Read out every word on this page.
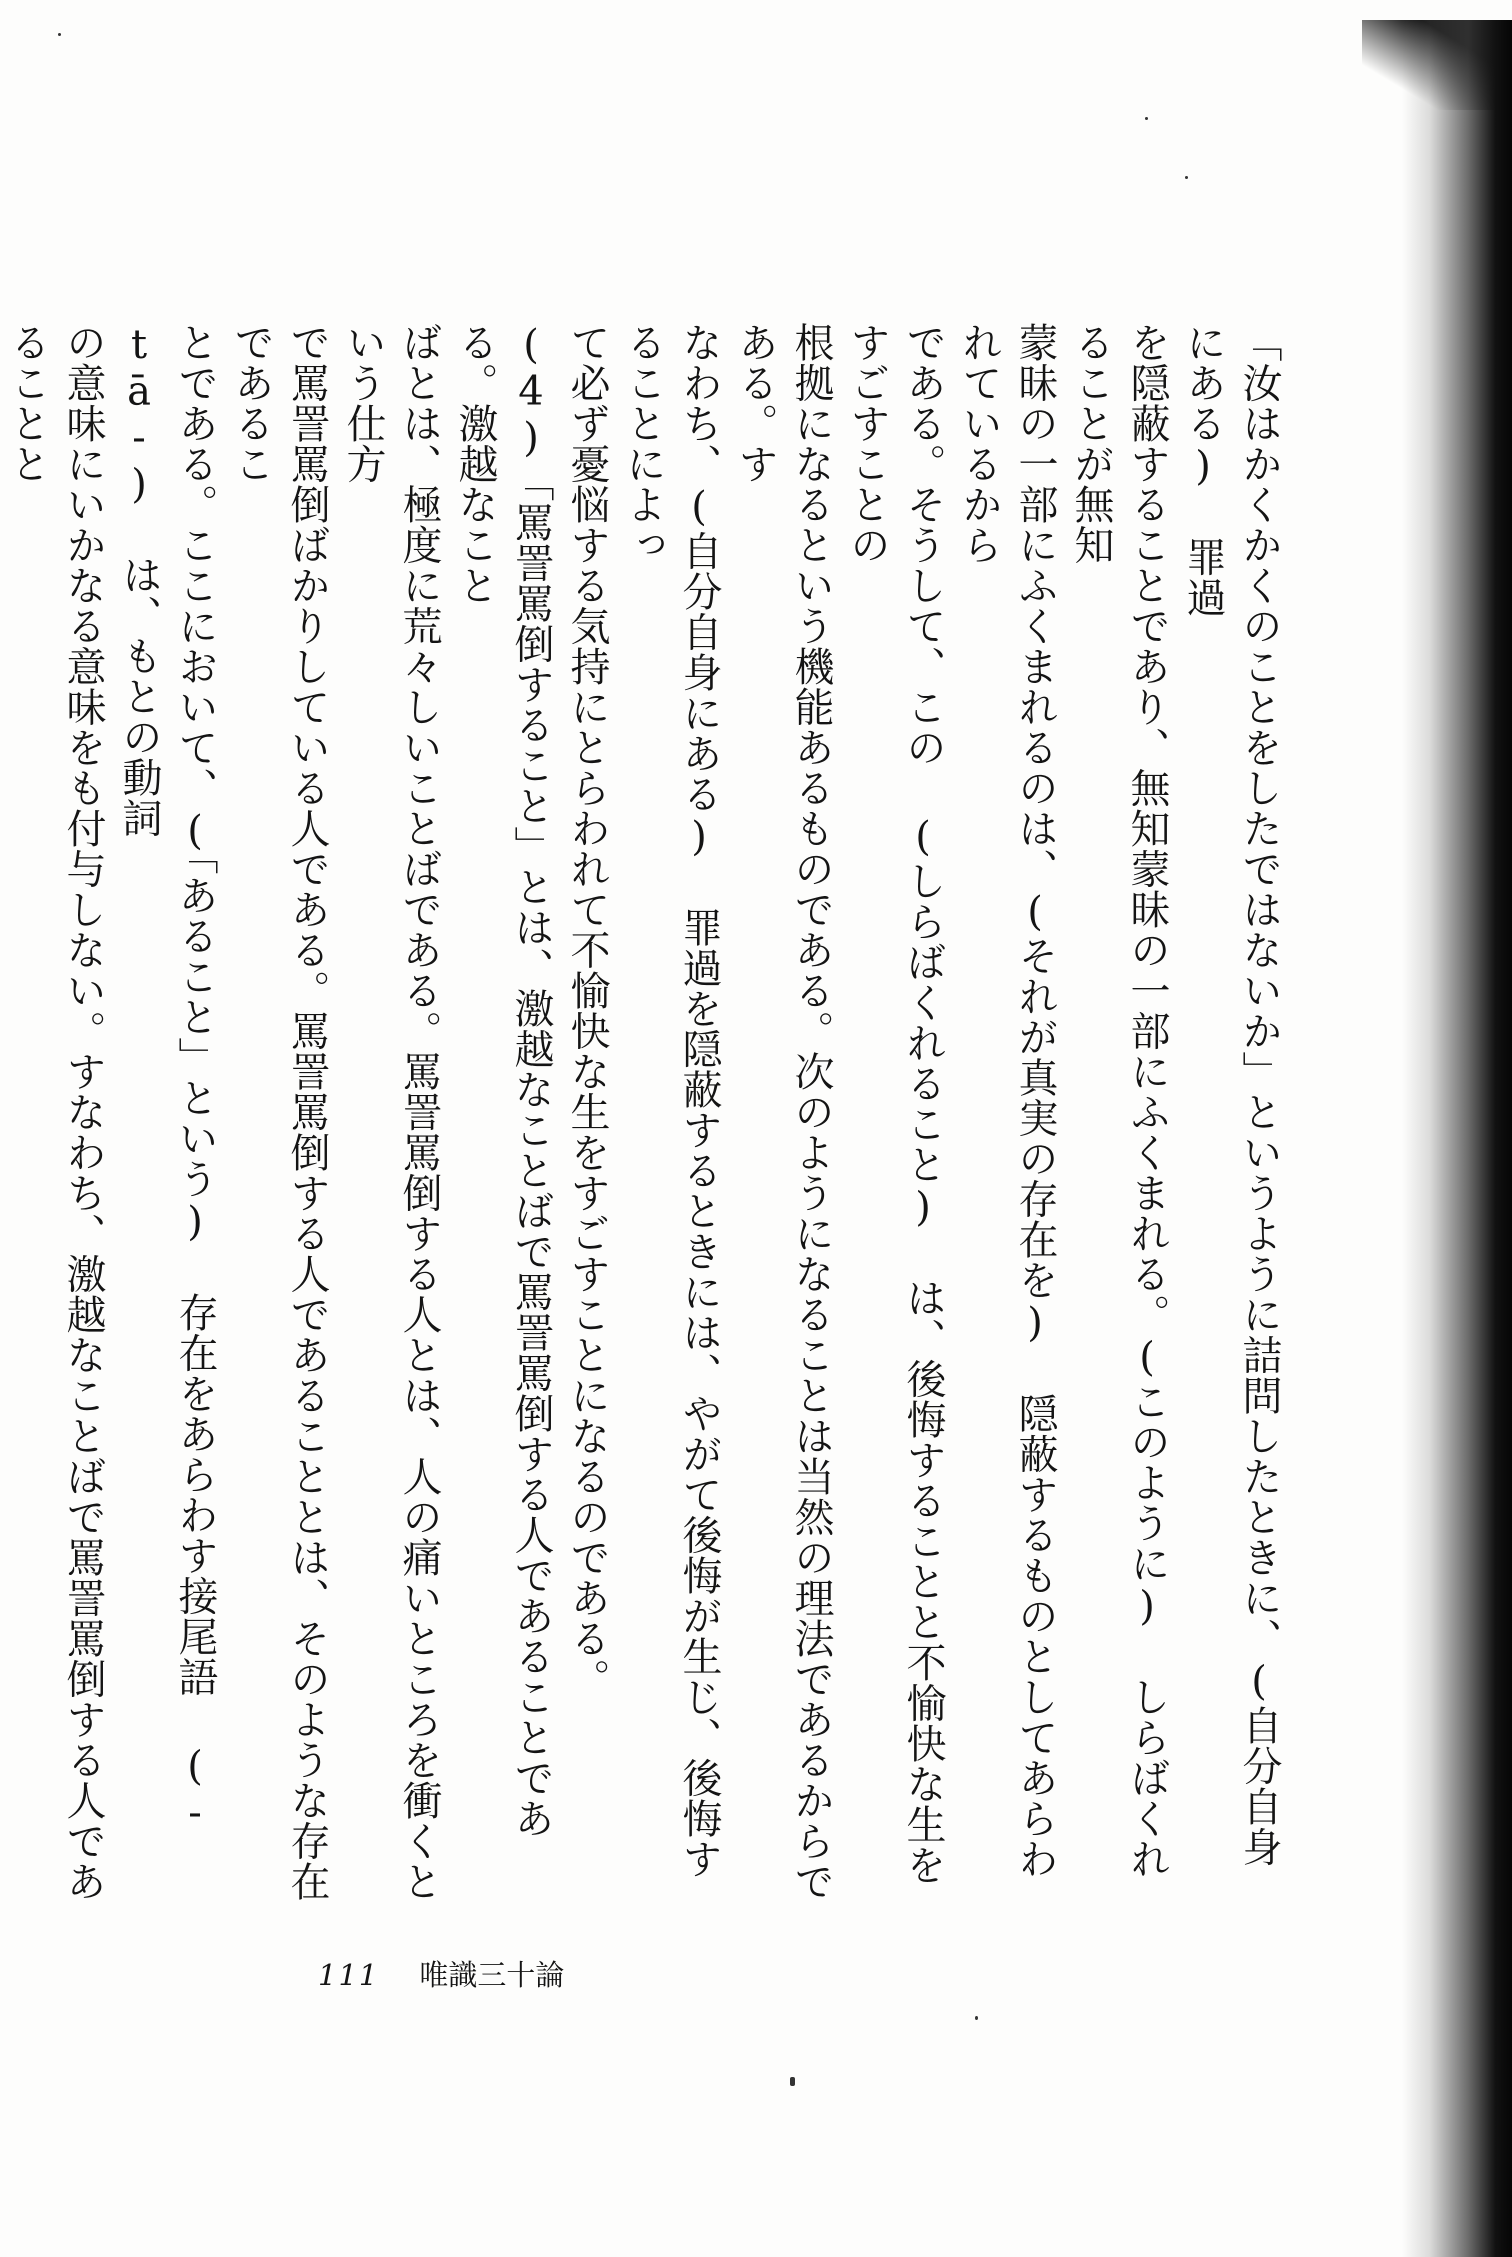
「汝はかくかくのことをしたではないか」というように詰問したときに、(自分自身にある) 罪過

を隠蔽することであり、無知蒙昧の一部にふくまれる。(このように) しらばくれることが無知

蒙昧の一部にふくまれるのは、(それが真実の存在を) 隠蔽するものとしてあらわれているから

である。そうして、この (しらばくれること) は、後悔することと不愉快な生をすごすことの

根拠になるという機能あるものである。次のようになることは当然の理法であるからである。す

なわち、(自分自身にある) 罪過を隠蔽するときには、やがて後悔が生じ、後悔することによっ

て必ず憂悩する気持にとらわれて不愉快な生をすごすことになるのである。

(4)「罵詈罵倒すること」とは、激越なことばで罵詈罵倒する人であることである。激越なこと

ばとは、極度に荒々しいことばである。罵詈罵倒する人とは、人の痛いところを衝くという仕方

で罵詈罵倒ばかりしている人である。罵詈罵倒する人であることとは、そのような存在であるこ

とである。ここにおいて、(「あること」という) 存在をあらわす接尾語 (-tā-) は、もとの動詞

の意味にいかなる意味をも付与しない。すなわち、激越なことばで罵詈罵倒する人であることと

111 唯識三十論
